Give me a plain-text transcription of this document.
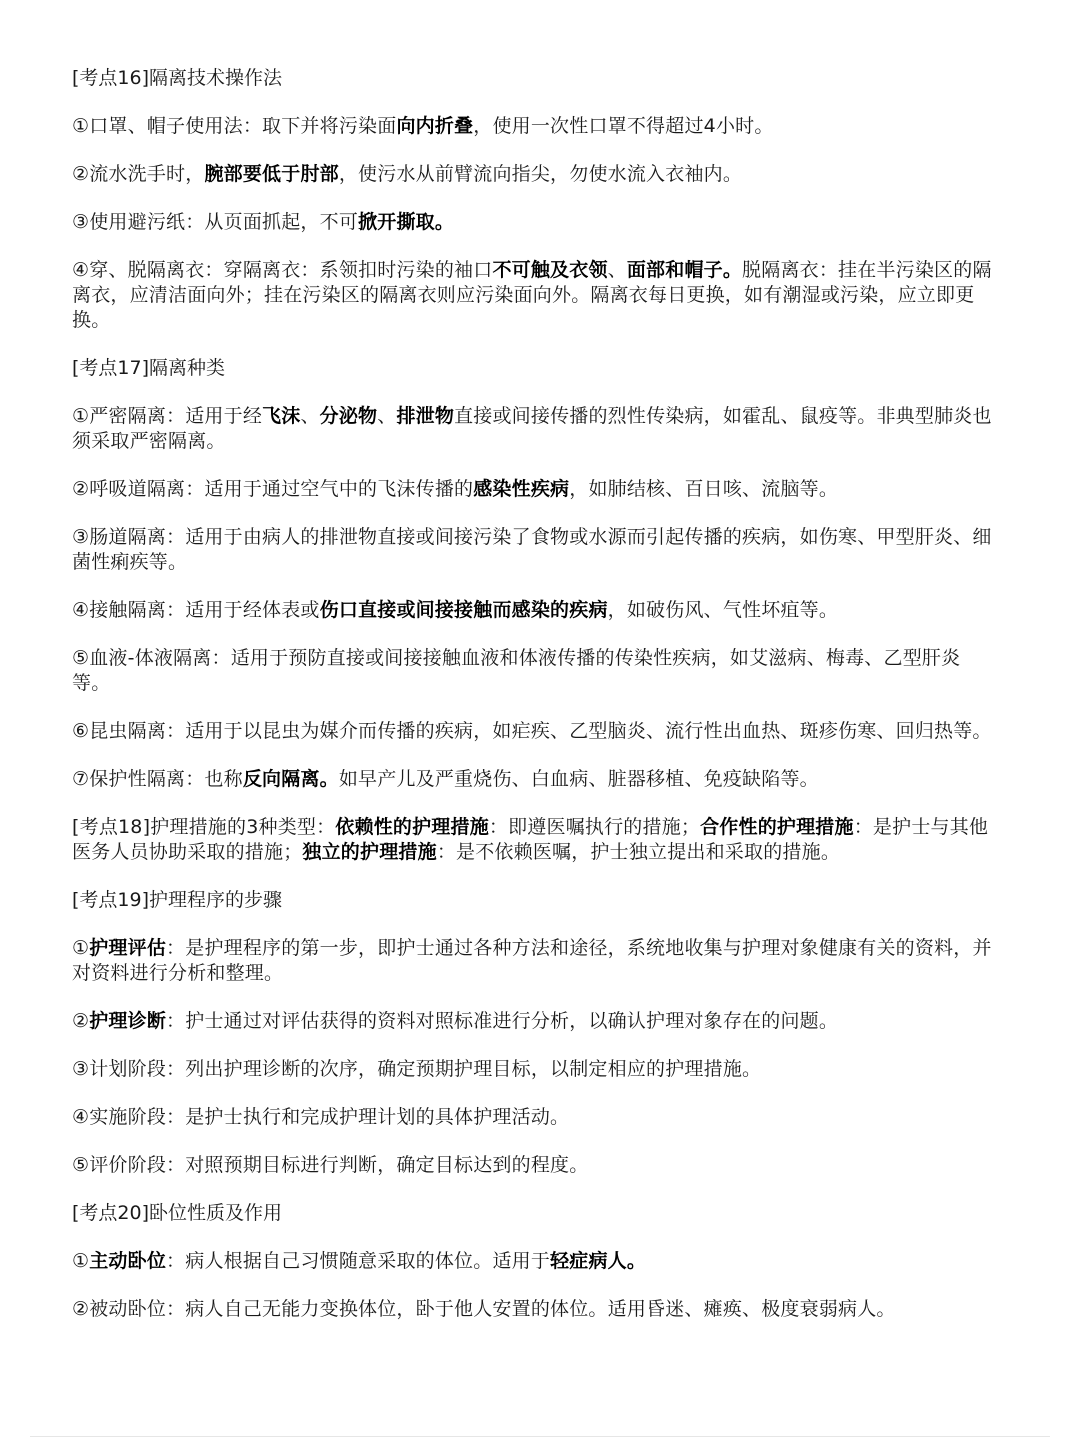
[考点16]隔离技术操作法

①口罩、帽子使用法：取下并将污染面向内折叠，使用一次性口罩不得超过4小时。

②流水洗手时，腕部要低于肘部，使污水从前臂流向指尖，勿使水流入衣袖内。

③使用避污纸：从页面抓起，不可掀开撕取。

④穿、脱隔离衣：穿隔离衣：系领扣时污染的袖口不可触及衣领、面部和帽子。脱隔离衣：挂在半污染区的隔离衣，应清洁面向外；挂在污染区的隔离衣则应污染面向外。隔离衣每日更换，如有潮湿或污染，应立即更换。

[考点17]隔离种类

①严密隔离：适用于经飞沫、分泌物、排泄物直接或间接传播的烈性传染病，如霍乱、鼠疫等。非典型肺炎也须采取严密隔离。

②呼吸道隔离：适用于通过空气中的飞沫传播的感染性疾病，如肺结核、百日咳、流脑等。

③肠道隔离：适用于由病人的排泄物直接或间接污染了食物或水源而引起传播的疾病，如伤寒、甲型肝炎、细菌性痢疾等。

④接触隔离：适用于经体表或伤口直接或间接接触而感染的疾病，如破伤风、气性坏疽等。

⑤血液-体液隔离：适用于预防直接或间接接触血液和体液传播的传染性疾病，如艾滋病、梅毒、乙型肝炎等。

⑥昆虫隔离：适用于以昆虫为媒介而传播的疾病，如疟疾、乙型脑炎、流行性出血热、斑疹伤寒、回归热等。

⑦保护性隔离：也称反向隔离。如早产儿及严重烧伤、白血病、脏器移植、免疫缺陷等。

[考点18]护理措施的3种类型：依赖性的护理措施：即遵医嘱执行的措施；合作性的护理措施：是护士与其他医务人员协助采取的措施；独立的护理措施：是不依赖医嘱，护士独立提出和采取的措施。

[考点19]护理程序的步骤

①护理评估：是护理程序的第一步，即护士通过各种方法和途径，系统地收集与护理对象健康有关的资料，并对资料进行分析和整理。

②护理诊断：护士通过对评估获得的资料对照标准进行分析，以确认护理对象存在的问题。

③计划阶段：列出护理诊断的次序，确定预期护理目标，以制定相应的护理措施。

④实施阶段：是护士执行和完成护理计划的具体护理活动。

⑤评价阶段：对照预期目标进行判断，确定目标达到的程度。

[考点20]卧位性质及作用

①主动卧位：病人根据自己习惯随意采取的体位。适用于轻症病人。

②被动卧位：病人自己无能力变换体位，卧于他人安置的体位。适用昏迷、瘫痪、极度衰弱病人。
